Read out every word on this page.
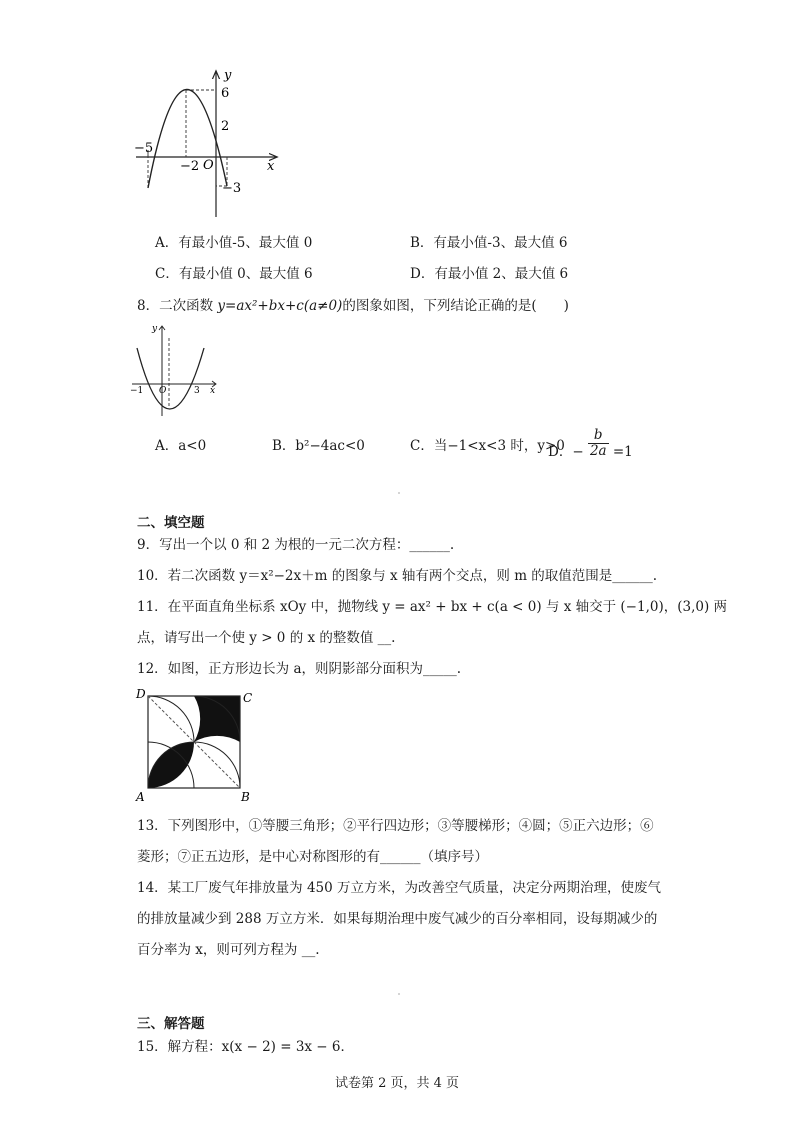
y
x
6
2
−5
−2 O
−3
A．有最小值-5、最大值 0	B．有最小值-3、最大值 6
C．有最小值 0、最大值 6	D．有最小值 2、最大值 6
8．二次函数 y=ax²+bx+c(a≠0)的图象如图，下列结论正确的是(　　)
y
x
−1 O	3
A．a<0	B．b²−4ac<0	C．当−1<x<3 时，y>0
D．− $\frac{b}{2a} =1$
二、填空题
9．写出一个以 0 和 2 为根的一元二次方程：______.
10．若二次函数 y＝x²−2x＋m 的图象与 x 轴有两个交点，则 m 的取值范围是______.
11．在平面直角坐标系 xOy 中，抛物线 y = ax² + bx + c(a < 0) 与 x 轴交于 (−1,0)，(3,0) 两
点，请写出一个使 y > 0 的 x 的整数值 __.
12．如图，正方形边长为 a，则阴影部分面积为_____.
D	C
A	B
13．下列图形中，①等腰三角形；②平行四边形；③等腰梯形；④圆；⑤正六边形；⑥
菱形；⑦正五边形，是中心对称图形的有______（填序号）
14．某工厂废气年排放量为 450 万立方米，为改善空气质量，决定分两期治理，使废气
的排放量减少到 288 万立方米．如果每期治理中废气减少的百分率相同，设每期减少的
百分率为 x，则可列方程为 __.
三、解答题
15．解方程：x(x − 2) = 3x − 6．
试卷第 2 页，共 4 页
